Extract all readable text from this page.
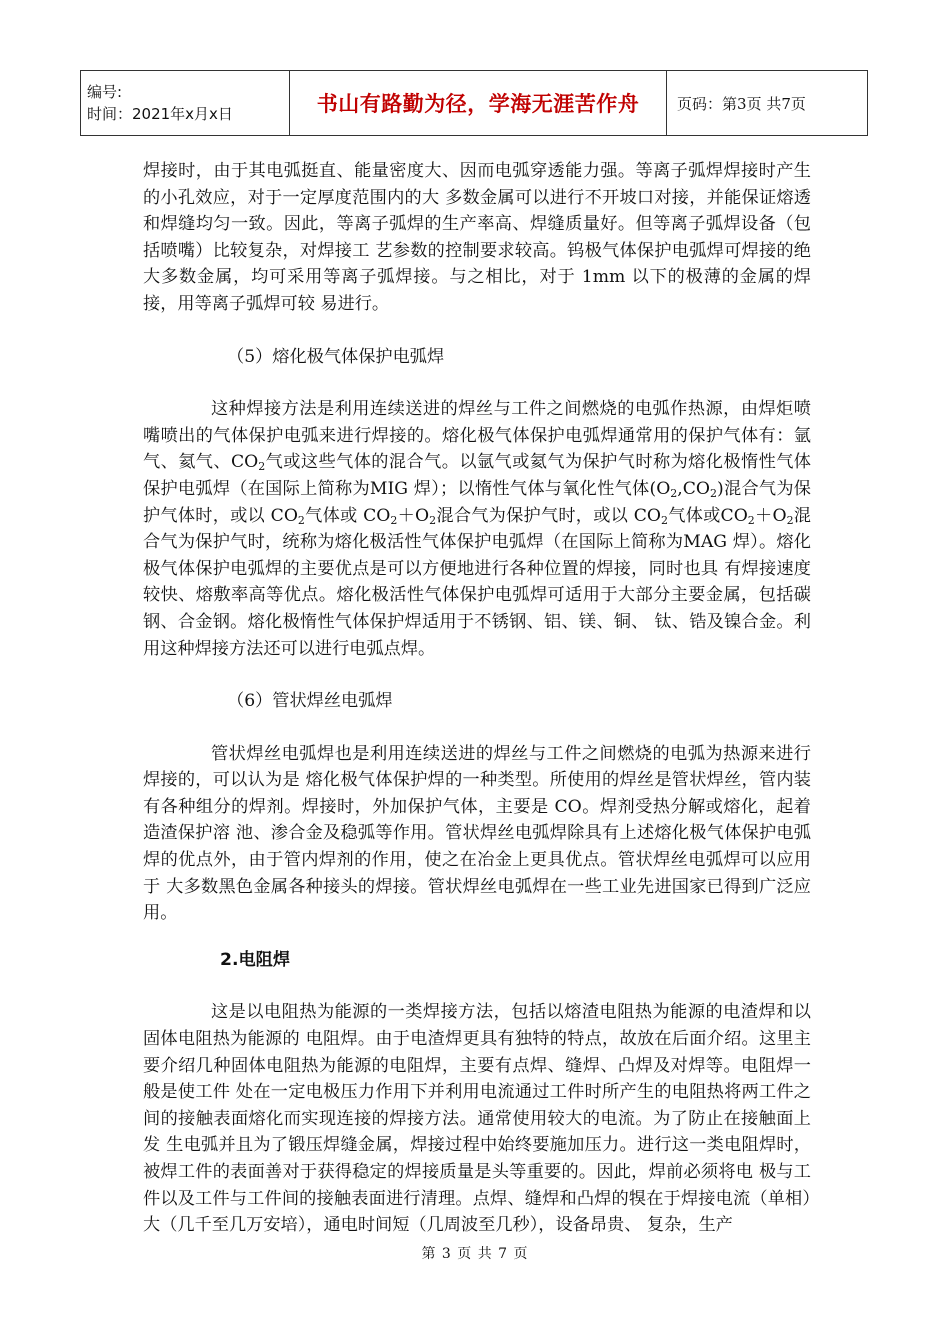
编号:
时间：2021年x月x日	书山有路勤为径，学海无涯苦作舟	页码：第3页 共7页

焊接时，由于其电弧挺直、能量密度大、因而电弧穿透能力强。等离子弧焊焊接时产生的小孔效应，对于一定厚度范围内的大 多数金属可以进行不开坡口对接，并能保证熔透和焊缝均匀一致。因此，等离子弧焊的生产率高、焊缝质量好。但等离子弧焊设备（包括喷嘴）比较复杂，对焊接工 艺参数的控制要求较高。钨极气体保护电弧焊可焊接的绝大多数金属，均可采用等离子弧焊接。与之相比，对于 1mm 以下的极薄的金属的焊接，用等离子弧焊可较 易进行。

（5）熔化极气体保护电弧焊

这种焊接方法是利用连续送进的焊丝与工件之间燃烧的电弧作热源，由焊炬喷嘴喷出的气体保护电弧来进行焊接的。熔化极气体保护电弧焊通常用的保护气体有：氩气、氦气、$CO_2$气或这些气体的混合气。以氩气或氦气为保护气时称为熔化极惰性气体保护电弧焊（在国际上简称为MIG 焊）；以惰性气体与氧化性气体$(O_2,CO_2)$混合气为保护气体时，或以 $CO_2$气体或 $CO_2+O_2$混合气为保护气时，或以 $CO_2$气体或$CO_2+O_2$混 合气为保护气时，统称为熔化极活性气体保护电弧焊（在国际上简称为MAG 焊）。熔化极气体保护电弧焊的主要优点是可以方便地进行各种位置的焊接，同时也具 有焊接速度较快、熔敷率高等优点。熔化极活性气体保护电弧焊可适用于大部分主要金属，包括碳钢、合金钢。熔化极惰性气体保护焊适用于不锈钢、铝、镁、铜、 钛、锆及镍合金。利用这种焊接方法还可以进行电弧点焊。

（6）管状焊丝电弧焊

管状焊丝电弧焊也是利用连续送进的焊丝与工件之间燃烧的电弧为热源来进行焊接的，可以认为是 熔化极气体保护焊的一种类型。所使用的焊丝是管状焊丝，管内装有各种组分的焊剂。焊接时，外加保护气体，主要是 CO。焊剂受热分解或熔化，起着造渣保护溶 池、渗合金及稳弧等作用。管状焊丝电弧焊除具有上述熔化极气体保护电弧焊的优点外，由于管内焊剂的作用，使之在冶金上更具优点。管状焊丝电弧焊可以应用于 大多数黑色金属各种接头的焊接。管状焊丝电弧焊在一些工业先进国家已得到广泛应用。

2.电阻焊

这是以电阻热为能源的一类焊接方法，包括以熔渣电阻热为能源的电渣焊和以固体电阻热为能源的 电阻焊。由于电渣焊更具有独特的特点，故放在后面介绍。这里主要介绍几种固体电阻热为能源的电阻焊，主要有点焊、缝焊、凸焊及对焊等。电阻焊一般是使工件 处在一定电极压力作用下并利用电流通过工件时所产生的电阻热将两工件之间的接触表面熔化而实现连接的焊接方法。通常使用较大的电流。为了防止在接触面上发 生电弧并且为了锻压焊缝金属，焊接过程中始终要施加压力。进行这一类电阻焊时，被焊工件的表面善对于获得稳定的焊接质量是头等重要的。因此，焊前必须将电 极与工件以及工件与工件间的接触表面进行清理。点焊、缝焊和凸焊的犑在于焊接电流（单相）大（几千至几万安培），通电时间短（几周波至几秒），设备昂贵、 复杂，生产

第 3 页 共 7 页
